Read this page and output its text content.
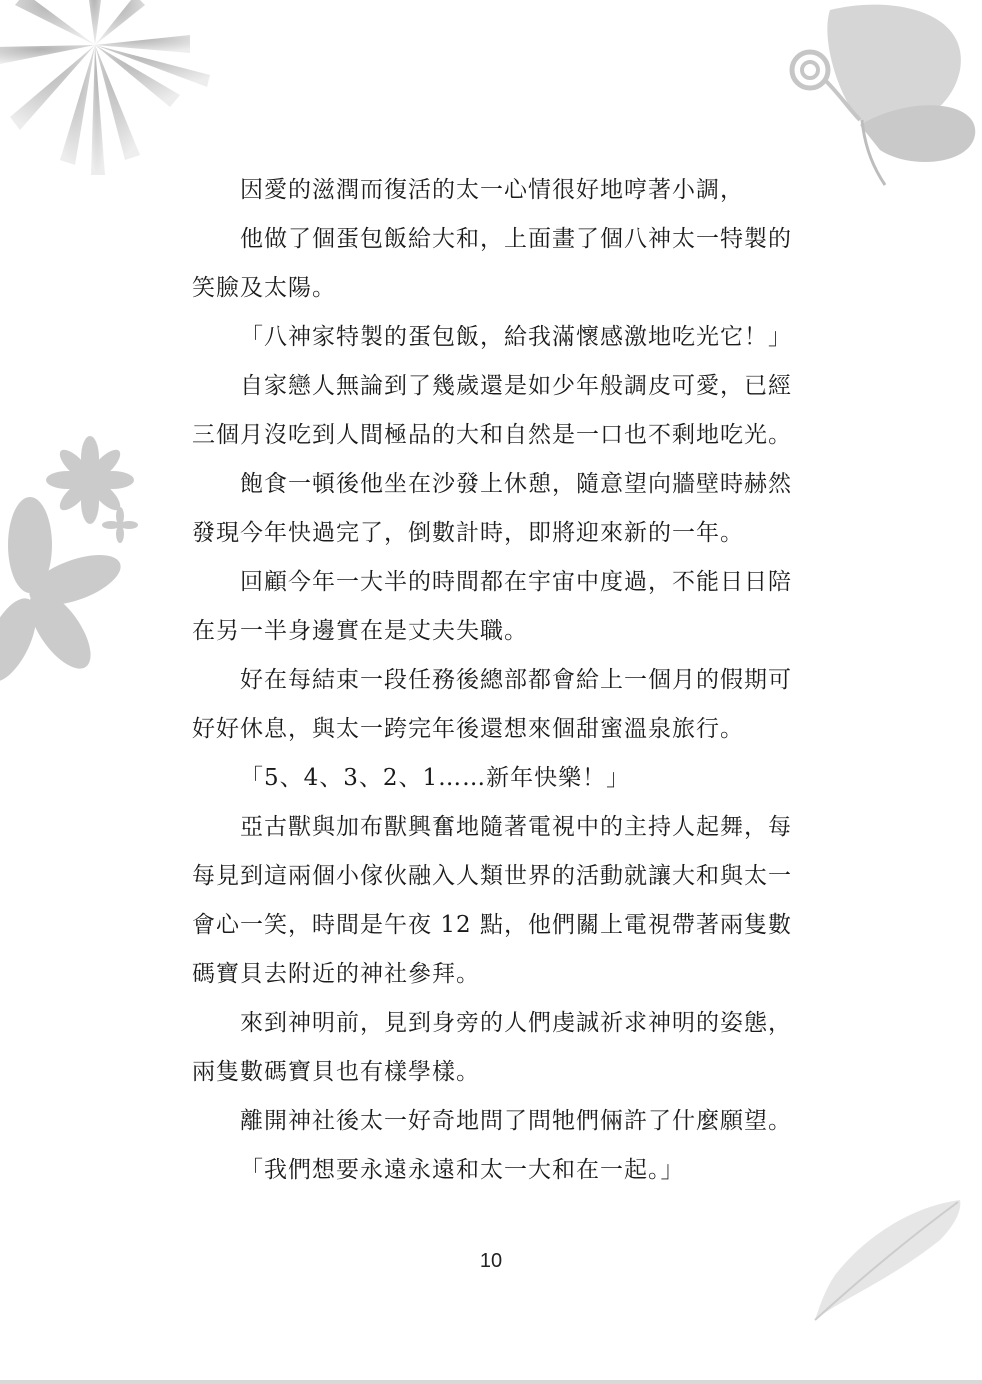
因愛的滋潤而復活的太一心情很好地哼著小調，

他做了個蛋包飯給大和，上面畫了個八神太一特製的笑臉及太陽。

「八神家特製的蛋包飯，給我滿懷感激地吃光它！」

自家戀人無論到了幾歲還是如少年般調皮可愛，已經三個月沒吃到人間極品的大和自然是一口也不剩地吃光。

飽食一頓後他坐在沙發上休憩，隨意望向牆壁時赫然發現今年快過完了，倒數計時，即將迎來新的一年。

回顧今年一大半的時間都在宇宙中度過，不能日日陪在另一半身邊實在是丈夫失職。

好在每結束一段任務後總部都會給上一個月的假期可好好休息，與太一跨完年後還想來個甜蜜溫泉旅行。

「5、4、3、2、1……新年快樂！」

亞古獸與加布獸興奮地隨著電視中的主持人起舞，每每見到這兩個小傢伙融入人類世界的活動就讓大和與太一會心一笑，時間是午夜 12 點，他們關上電視帶著兩隻數碼寶貝去附近的神社參拜。

來到神明前，見到身旁的人們虔誠祈求神明的姿態，兩隻數碼寶貝也有樣學樣。

離開神社後太一好奇地問了問牠們倆許了什麼願望。

「我們想要永遠永遠和太一大和在一起。」

10
